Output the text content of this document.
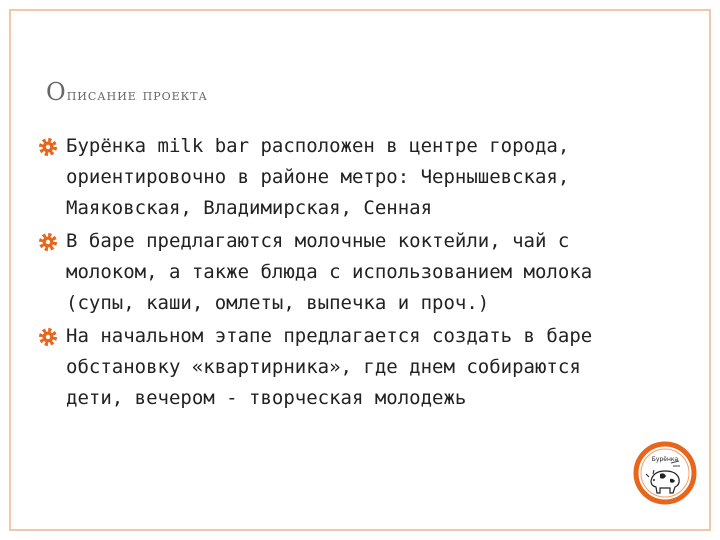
Описание проекта
Бурёнка milk bar расположен в центре города, ориентировочно в районе метро: Чернышевская, Маяковская, Владимирская, Сенная
В баре предлагаются молочные коктейли, чай с молоком, а также блюда с использованием молока (супы, каши, омлеты, выпечка и проч.)
На начальном этапе предлагается создать в баре обстановку «квартирника», где днем собираются дети, вечером - творческая молодежь
Бурёнка
